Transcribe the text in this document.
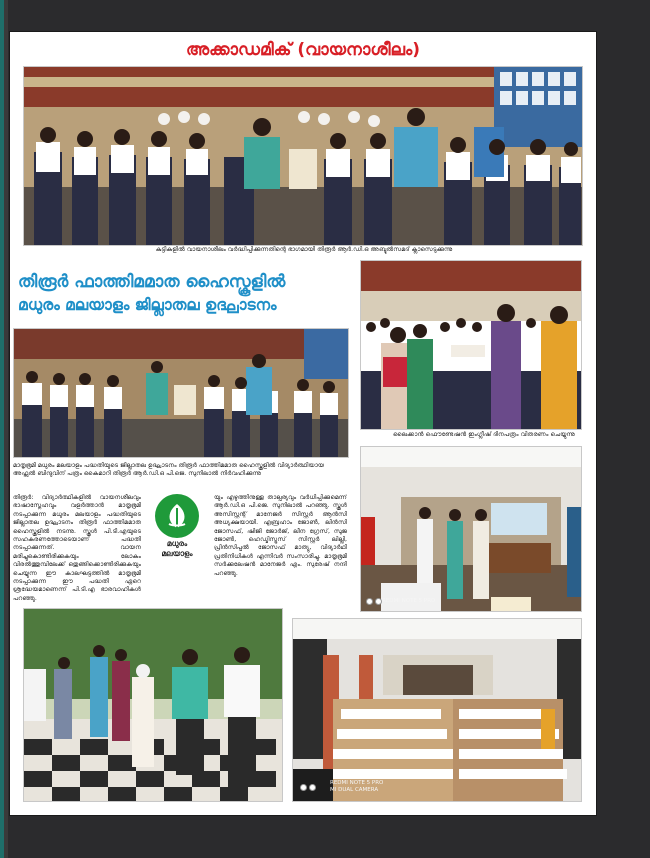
അക്കാഡമിക് (വായനാശീലം)
കുട്ടികളിൽ വായനാശീലം വർദ്ധിപ്പിക്കുന്നതിന്റെ ഭാഗമായി തിരൂർ ആർ.ഡി.ഒ അബ്ദുൽസമദ് ക്ലാസെടുക്കുന്നു
തിരൂർ ഫാത്തിമമാത ഹൈസ്കൂളിൽ
മധുരം മലയാളം ജില്ലാതല ഉദ്ഘാടനം
മാതൃഭൂമി മധുരം മലയാളം പദ്ധതിയുടെ ജില്ലാതല ഉദ്ഘാടനം തിരൂർ ഫാത്തിമമാത ഹൈസ്കൂളിൽ വിദ്യാർത്ഥിയായ അഫ്സൽ ബിന്ദുവിന് പത്രം കൈമാറി തിരൂർ ആർ.ഡി.ഒ പി.ജെ. സുനിലാൽ നിർവഹിക്കുന്നു
തിരൂർ: വിദ്യാർത്ഥികളിൽ വായനശീലവും ഭാഷാസ്നേഹവും വളർത്താൻ മാതൃഭൂമി നടപ്പാക്കുന്ന മധുരം മലയാളം പദ്ധതിയുടെ ജില്ലാതല ഉദ്ഘാടനം തിരൂർ ഫാത്തിമമാത ഹൈസ്കൂളിൽ നടന്നു. സ്കൂൾ പി.ടി.എയുടെ സഹകരണത്തോടെയാണ് പദ്ധതി നടപ്പാക്കുന്നത്. വായന മരിച്ചുകൊണ്ടിരിക്കുകയും ലോകം വിരൽത്തുമ്പിലേക്ക് ഒതുങ്ങിക്കൊണ്ടിരിക്കുകയും ചെയ്യുന്ന ഈ കാലഘട്ടത്തിൽ മാതൃഭൂമി നടപ്പാക്കുന്ന ഈ പദ്ധതി ഏറെ ശ്രദ്ധേയമാണെന്ന് പി.ടി.എ ഭാരവാഹികൾ പറഞ്ഞു.
മധുരം
മലയാളം
യും എഴുത്തിനുള്ള താല്പര്യവും വർധിപ്പിക്കുമെന്ന് ആർ.ഡി.ഒ പി.ജെ. സുനിലാൽ പറഞ്ഞു. സ്കൂൾ അസിസ്റ്റന്റ് മാനേജർ സിസ്റ്റർ ആൻസി അധ്യക്ഷയായി. എബ്രഹാം ജോൺ, ലിൻസി ജോസഫ്, ഷിജി ജോർജ്, ലീന ഗ്രേസ്, സുജ ജോൺ, ഹെഡ്മിസ്ട്രസ് സിസ്റ്റർ ലില്ലി, പ്രിൻസിപ്പൽ ജോസഫ് മാത്യു, വിദ്യാർഥി പ്രതിനിധികൾ എന്നിവർ സംസാരിച്ചു. മാതൃഭൂമി സർക്കുലേഷൻ മാനേജർ എം. സുരേഷ് നന്ദി പറഞ്ഞു.
ലൈക്കാൻ ഫൌണ്ടേഷൻ ഇംഗ്ലീഷ് ദിനപത്രം വിതരണം ചെയ്യുന്നു
REDMI NOTE 5 PRO
REDMI NOTE 5 PRO
MI DUAL CAMERA
